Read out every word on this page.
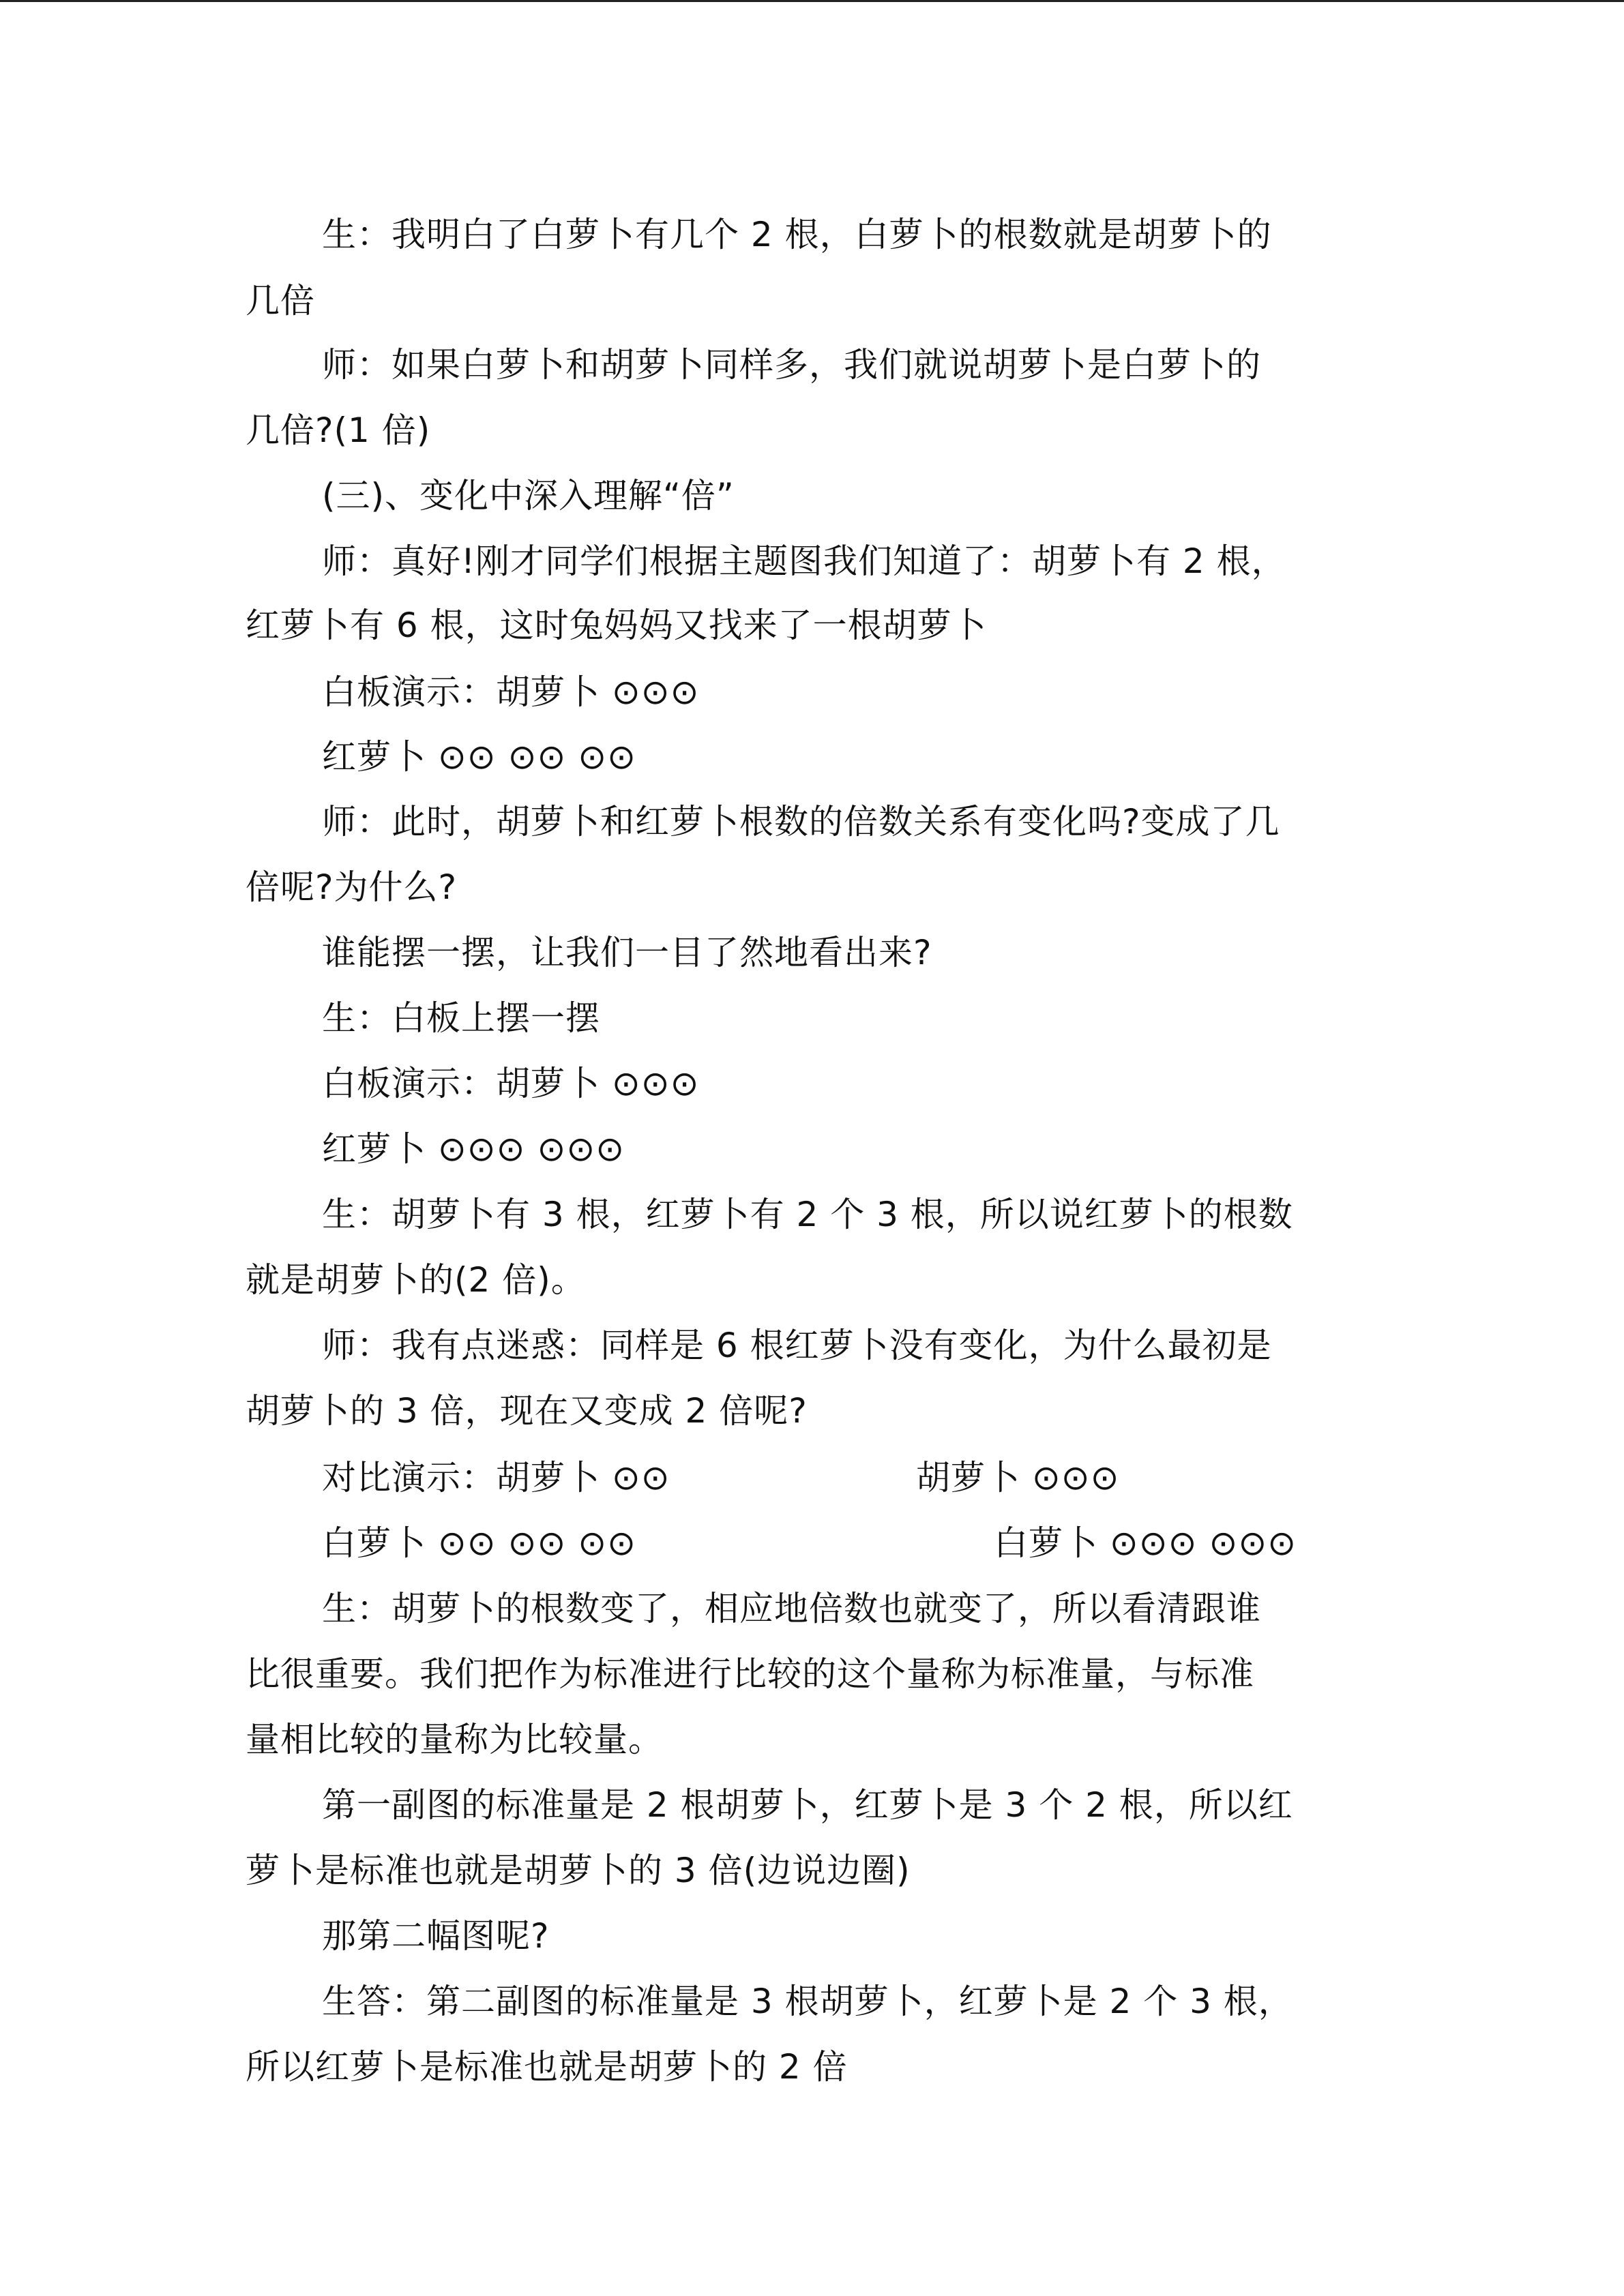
生：我明白了白萝卜有几个 2 根，白萝卜的根数就是胡萝卜的
几倍
师：如果白萝卜和胡萝卜同样多，我们就说胡萝卜是白萝卜的
几倍?(1 倍)
(三)、变化中深入理解“倍”
师：真好!刚才同学们根据主题图我们知道了：胡萝卜有 2 根，
红萝卜有 6 根，这时兔妈妈又找来了一根胡萝卜
白板演示：胡萝卜 ⊙⊙⊙
红萝卜 ⊙⊙ ⊙⊙ ⊙⊙
师：此时，胡萝卜和红萝卜根数的倍数关系有变化吗?变成了几
倍呢?为什么?
谁能摆一摆，让我们一目了然地看出来?
生：白板上摆一摆
白板演示：胡萝卜 ⊙⊙⊙
红萝卜 ⊙⊙⊙ ⊙⊙⊙
生：胡萝卜有 3 根，红萝卜有 2 个 3 根，所以说红萝卜的根数
就是胡萝卜的(2 倍)。
师：我有点迷惑：同样是 6 根红萝卜没有变化，为什么最初是
胡萝卜的 3 倍，现在又变成 2 倍呢?
对比演示：胡萝卜 ⊙⊙	胡萝卜 ⊙⊙⊙
白萝卜 ⊙⊙ ⊙⊙ ⊙⊙	白萝卜 ⊙⊙⊙ ⊙⊙⊙
生：胡萝卜的根数变了，相应地倍数也就变了，所以看清跟谁
比很重要。我们把作为标准进行比较的这个量称为标准量，与标准
量相比较的量称为比较量。
第一副图的标准量是 2 根胡萝卜，红萝卜是 3 个 2 根，所以红
萝卜是标准也就是胡萝卜的 3 倍(边说边圈)
那第二幅图呢?
生答：第二副图的标准量是 3 根胡萝卜，红萝卜是 2 个 3 根，
所以红萝卜是标准也就是胡萝卜的 2 倍
